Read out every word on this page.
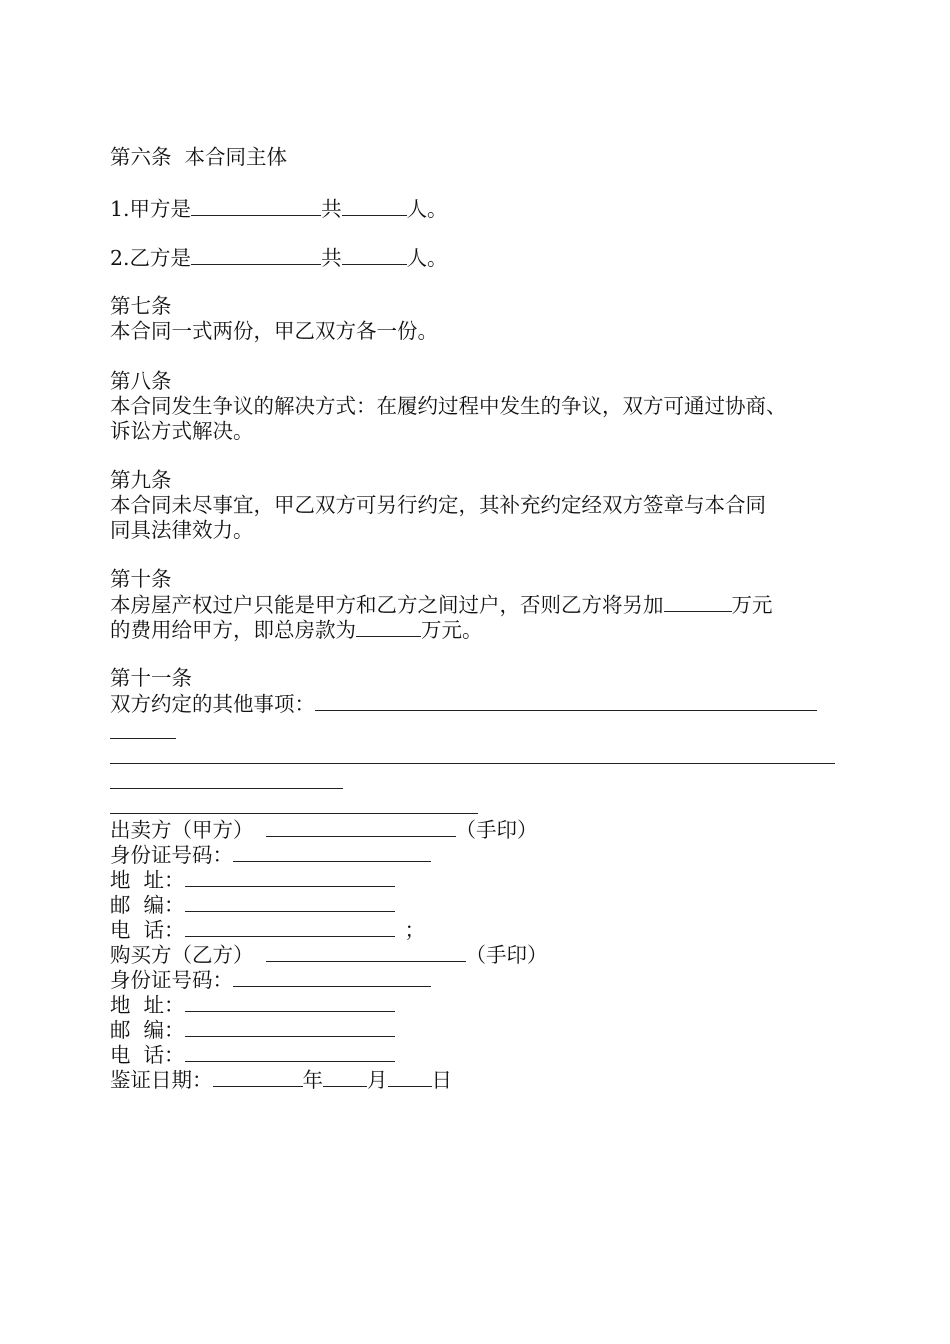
第六条  本合同主体
1.甲方是	共	人。
2.乙方是	共	人。
第七条
本合同一式两份，甲乙双方各一份。
第八条
本合同发生争议的解决方式：在履约过程中发生的争议，双方可通过协商、
诉讼方式解决。
第九条
本合同未尽事宜，甲乙双方可另行约定，其补充约定经双方签章与本合同
同具法律效力。
第十条
本房屋产权过户只能是甲方和乙方之间过户，否则乙方将另加	万元
的费用给甲方，即总房款为	万元。
第十一条
双方约定的其他事项：
出卖方（甲方）	（手印）
身份证号码：
地  址：
邮  编：
电  话：	；
购买方（乙方）	（手印）
身份证号码：
地  址：
邮  编：
电  话：
鉴证日期：	年 月 日
